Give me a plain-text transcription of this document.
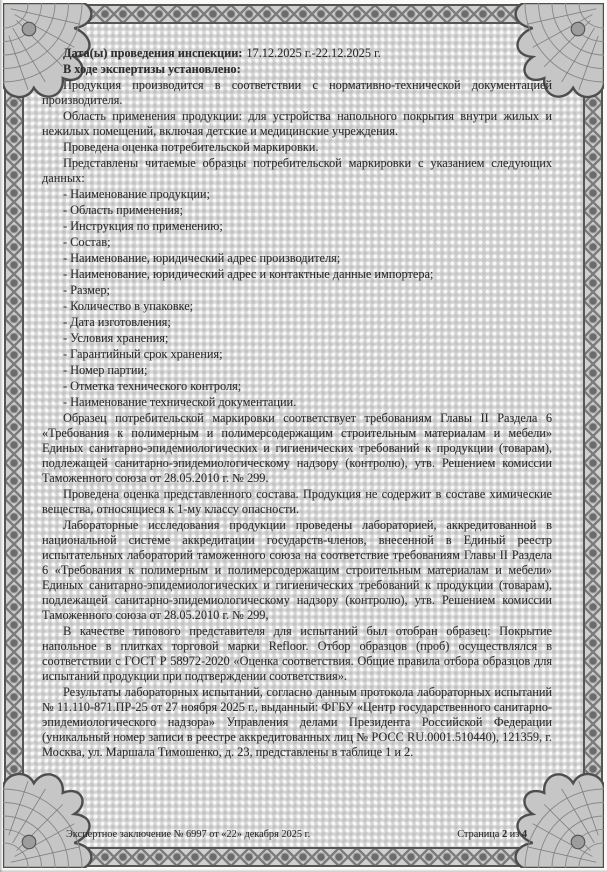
Дата(ы) проведения инспекции: 17.12.2025 г.-22.12.2025 г.

В ходе экспертизы установлено:

Продукция производится в соответствии с нормативно-технической документацией производителя.

Область применения продукции: для устройства напольного покрытия внутри жилых и нежилых помещений, включая детские и медицинские учреждения.

Проведена оценка потребительской маркировки.

Представлены читаемые образцы потребительской маркировки с указанием следующих данных:

- Наименование продукции;

- Область применения;

- Инструкция по применению;

- Состав;

- Наименование, юридический адрес производителя;

- Наименование, юридический адрес и контактные данные импортера;

- Размер;

- Количество в упаковке;

- Дата изготовления;

- Условия хранения;

- Гарантийный срок хранения;

- Номер партии;

- Отметка технического контроля;

- Наименование технической документации.

Образец потребительской маркировки соответствует требованиям Главы II Раздела 6 «Требования к полимерным и полимерсодержащим строительным материалам и мебели» Единых санитарно-эпидемиологических и гигиенических требований к продукции (товарам), подлежащей санитарно-эпидемиологическому надзору (контролю), утв. Решением комиссии Таможенного союза от 28.05.2010 г. № 299.

Проведена оценка представленного состава. Продукция не содержит в составе химические вещества, относящиеся к 1-му классу опасности.

Лабораторные исследования продукции проведены лабораторией, аккредитованной в национальной системе аккредитации государств-членов, внесенной в Единый реестр испытательных лабораторий таможенного союза на соответствие требованиям Главы II Раздела 6 «Требования к полимерным и полимерсодержащим строительным материалам и мебели» Единых санитарно-эпидемиологических и гигиенических требований к продукции (товарам), подлежащей санитарно-эпидемиологическому надзору (контролю), утв. Решением комиссии Таможенного союза от 28.05.2010 г. № 299,

В качестве типового представителя для испытаний был отобран образец: Покрытие напольное в плитках торговой марки Refloor. Отбор образцов (проб) осуществлялся в соответствии с ГОСТ Р 58972-2020 «Оценка соответствия. Общие правила отбора образцов для испытаний продукции при подтверждении соответствия».

Результаты лабораторных испытаний, согласно данным протокола лабораторных испытаний № 11.110-871.ПР-25 от 27 ноября 2025 г., выданный: ФГБУ «Центр государственного санитарно-эпидемиологического надзора» Управления делами Президента Российской Федерации (уникальный номер записи в реестре аккредитованных лиц № РОСС RU.0001.510440), 121359, г. Москва, ул. Маршала Тимошенко, д. 23, представлены в таблице 1 и 2.

Экспертное заключение № 6997 от «22» декабря 2025 г.	Страница 2 из 4
